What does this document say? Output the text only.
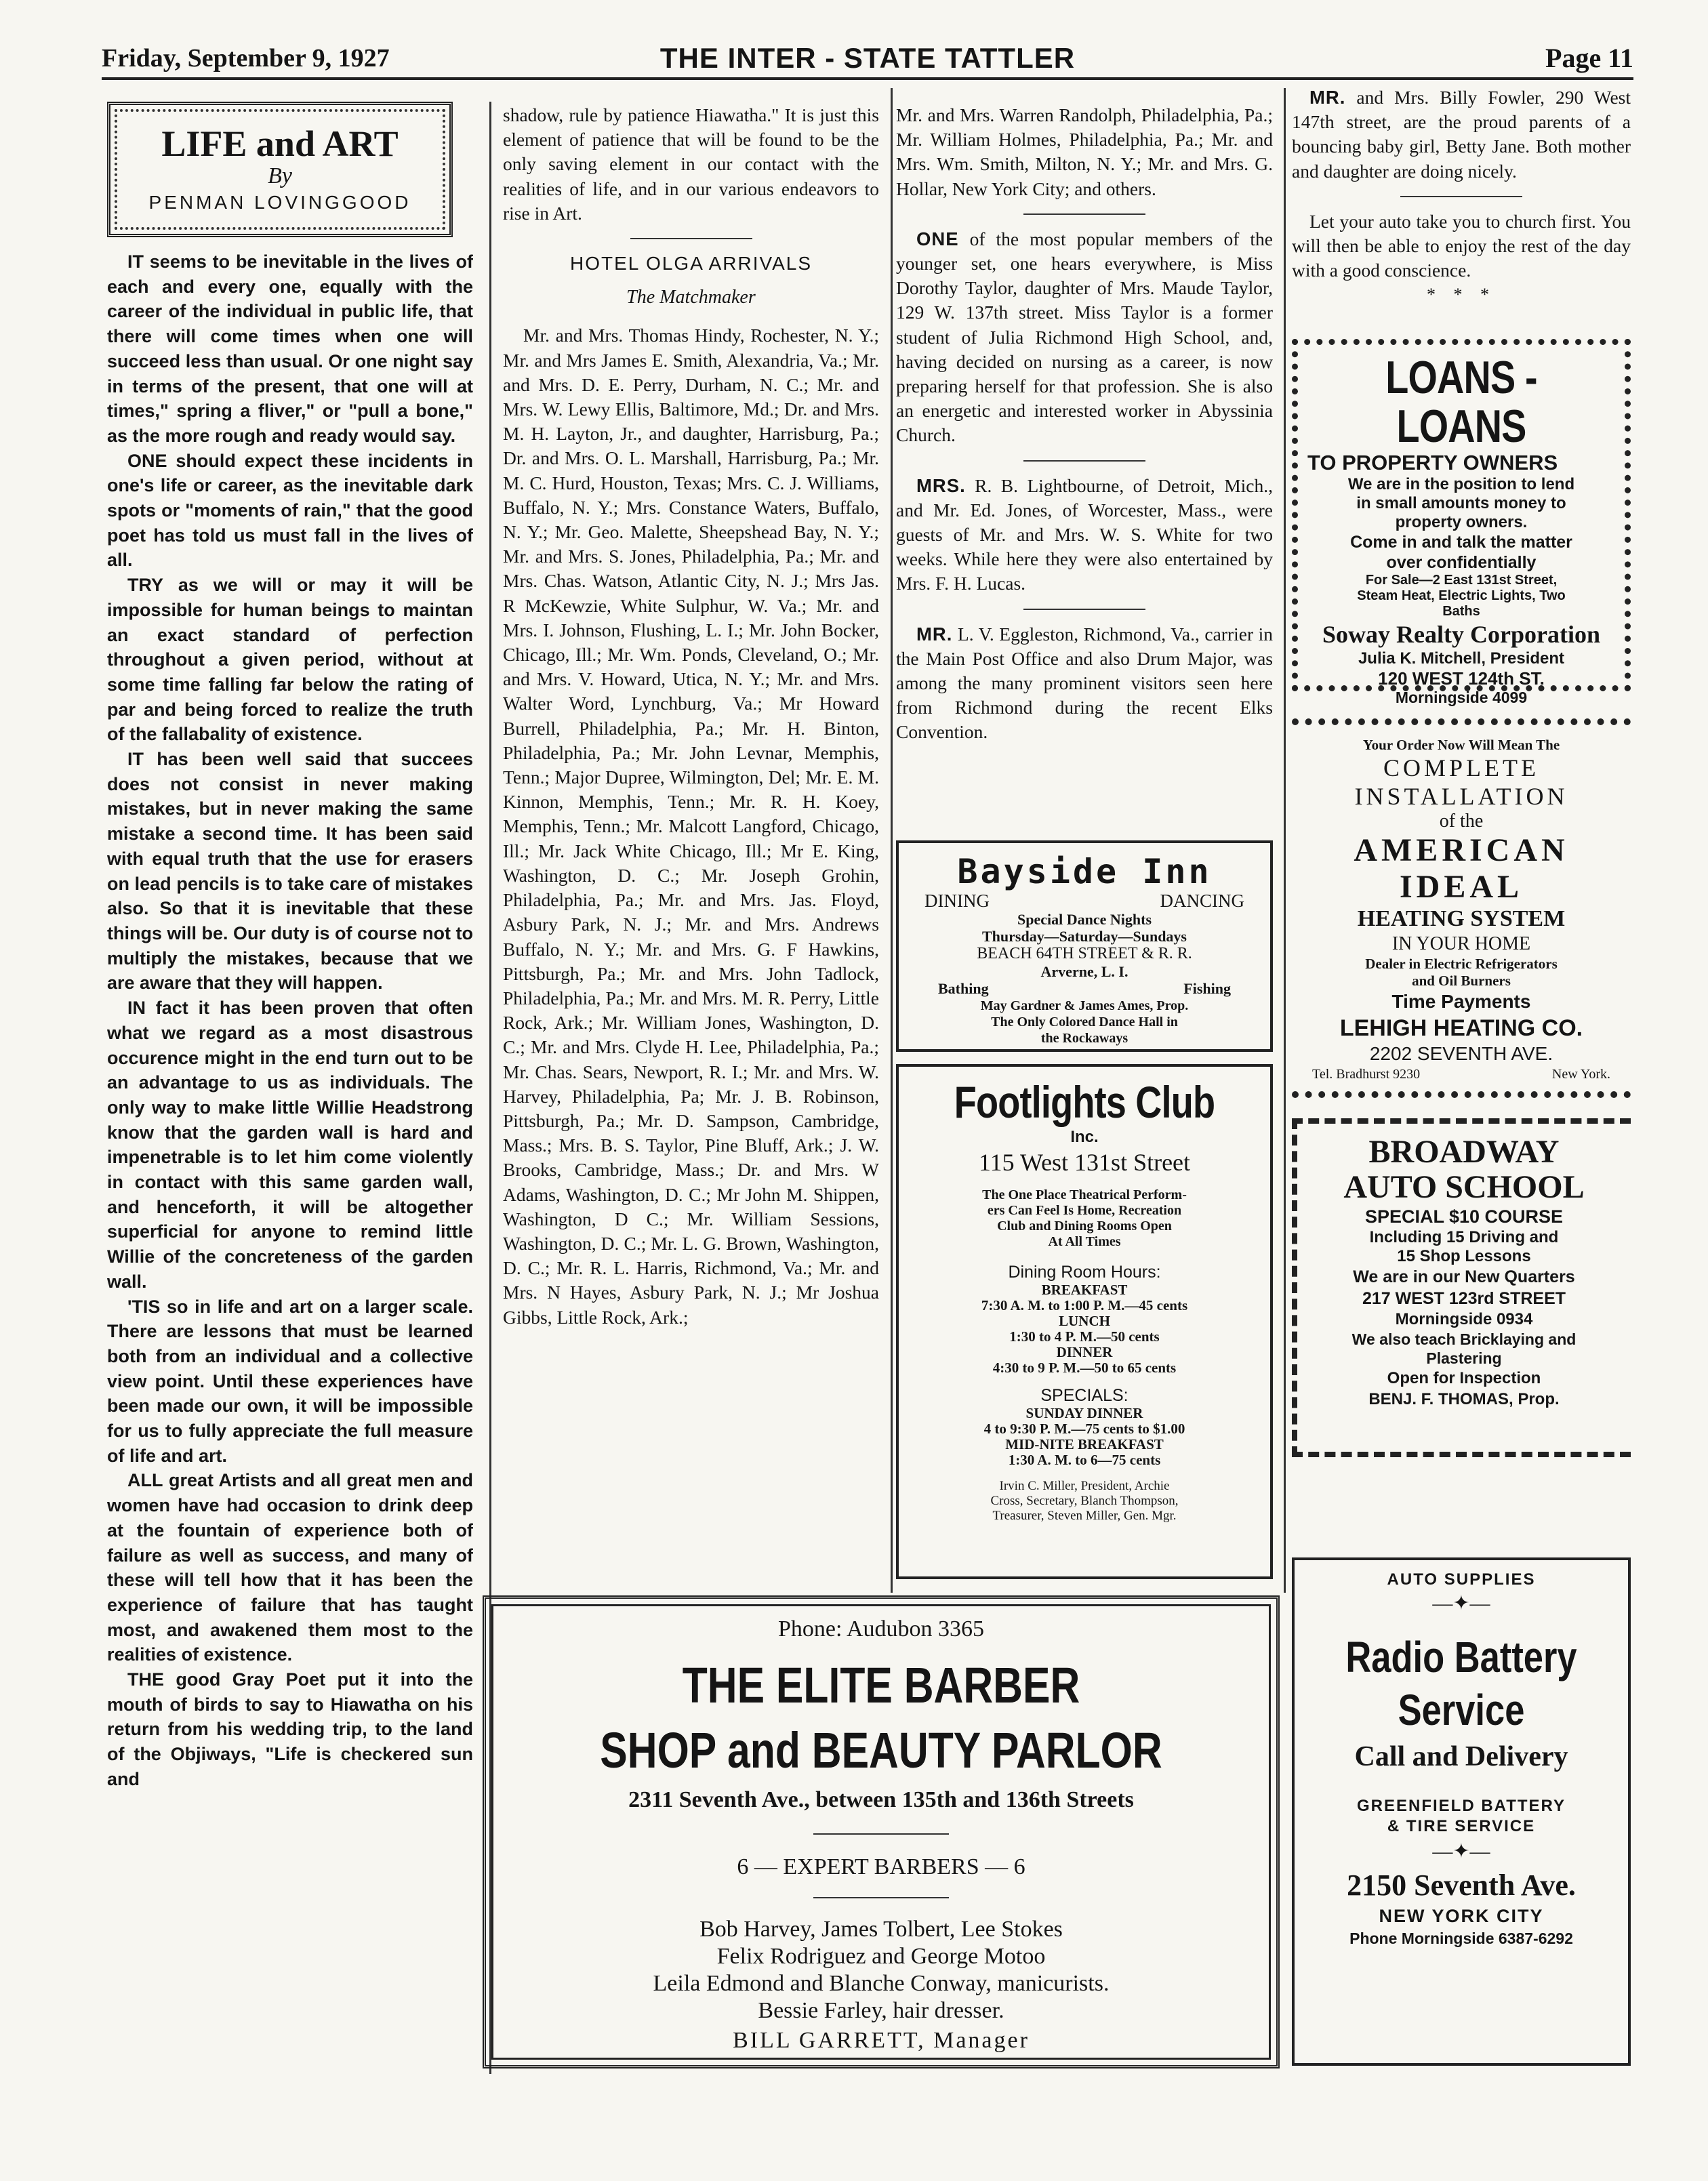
Friday, September 9, 1927	THE INTER - STATE TATTLER	Page 11
LIFE and ART
By
PENMAN LOVINGGOOD

IT seems to be inevitable in the lives of each and every one, equally with the career of the individual in public life, that there will come times when one will succeed less than usual. Or one night say in terms of the present, that one will at times," spring a fliver," or "pull a bone," as the more rough and ready would say.

ONE should expect these incidents in one's life or career, as the inevitable dark spots or "moments of rain," that the good poet has told us must fall in the lives of all.

TRY as we will or may it will be impossible for human beings to maintan an exact standard of perfection throughout a given period, without at some time falling far below the rating of par and being forced to realize the truth of the fallabality of existence.

IT has been well said that succees does not consist in never making mistakes, but in never making the same mistake a second time. It has been said with equal truth that the use for erasers on lead pencils is to take care of mistakes also. So that it is inevitable that these things will be. Our duty is of course not to multiply the mistakes, because that we are aware that they will happen.

IN fact it has been proven that often what we regard as a most disastrous occurence might in the end turn out to be an advantage to us as individuals. The only way to make little Willie Headstrong know that the garden wall is hard and impenetrable is to let him come violently in contact with this same garden wall, and henceforth, it will be altogether superficial for anyone to remind little Willie of the concreteness of the garden wall.

'TIS so in life and art on a larger scale. There are lessons that must be learned both from an individual and a collective view point. Until these experiences have been made our own, it will be impossible for us to fully appreciate the full measure of life and art.

ALL great Artists and all great men and women have had occasion to drink deep at the fountain of experience both of failure as well as success, and many of these will tell how that it has been the experience of failure that has taught most, and awakened them most to the realities of existence.

THE good Gray Poet put it into the mouth of birds to say to Hiawatha on his return from his wedding trip, to the land of the Objiways, "Life is checkered sun and

shadow, rule by patience Hiawatha." It is just this element of patience that will be found to be the only saving element in our contact with the realities of life, and in our various endeavors to rise in Art.

HOTEL OLGA ARRIVALS
The Matchmaker

Mr. and Mrs. Thomas Hindy, Rochester, N. Y.; Mr. and Mrs James E. Smith, Alexandria, Va.; Mr. and Mrs. D. E. Perry, Durham, N. C.; Mr. and Mrs. W. Lewy Ellis, Baltimore, Md.; Dr. and Mrs. M. H. Layton, Jr., and daughter, Harrisburg, Pa.; Dr. and Mrs. O. L. Marshall, Harrisburg, Pa.; Mr. M. C. Hurd, Houston, Texas; Mrs. C. J. Williams, Buffalo, N. Y.; Mrs. Constance Waters, Buffalo, N. Y.; Mr. Geo. Malette, Sheepshead Bay, N. Y.; Mr. and Mrs. S. Jones, Philadelphia, Pa.; Mr. and Mrs. Chas. Watson, Atlantic City, N. J.; Mrs Jas. R McKewzie, White Sulphur, W. Va.; Mr. and Mrs. I. Johnson, Flushing, L. I.; Mr. John Bocker, Chicago, Ill.; Mr. Wm. Ponds, Cleveland, O.; Mr. and Mrs. V. Howard, Utica, N. Y.; Mr. and Mrs. Walter Word, Lynchburg, Va.; Mr Howard Burrell, Philadelphia, Pa.; Mr. H. Binton, Philadelphia, Pa.; Mr. John Levnar, Memphis, Tenn.; Major Dupree, Wilmington, Del; Mr. E. M. Kinnon, Memphis, Tenn.; Mr. R. H. Koey, Memphis, Tenn.; Mr. Malcott Langford, Chicago, Ill.; Mr. Jack White Chicago, Ill.; Mr E. King, Washington, D. C.; Mr. Joseph Grohin, Philadelphia, Pa.; Mr. and Mrs. Jas. Floyd, Asbury Park, N. J.; Mr. and Mrs. Andrews Buffalo, N. Y.; Mr. and Mrs. G. F Hawkins, Pittsburgh, Pa.; Mr. and Mrs. John Tadlock, Philadelphia, Pa.; Mr. and Mrs. M. R. Perry, Little Rock, Ark.; Mr. William Jones, Washington, D. C.; Mr. and Mrs. Clyde H. Lee, Philadelphia, Pa.; Mr. Chas. Sears, Newport, R. I.; Mr. and Mrs. W. Harvey, Philadelphia, Pa; Mr. J. B. Robinson, Pittsburgh, Pa.; Mr. D. Sampson, Cambridge, Mass.; Mrs. B. S. Taylor, Pine Bluff, Ark.; J. W. Brooks, Cambridge, Mass.; Dr. and Mrs. W Adams, Washington, D. C.; Mr John M. Shippen, Washington, D C.; Mr. William Sessions, Washington, D. C.; Mr. L. G. Brown, Washington, D. C.; Mr. R. L. Harris, Richmond, Va.; Mr. and Mrs. N Hayes, Asbury Park, N. J.; Mr Joshua Gibbs, Little Rock, Ark.;

Mr. and Mrs. Warren Randolph, Philadelphia, Pa.; Mr. William Holmes, Philadelphia, Pa.; Mr. and Mrs. Wm. Smith, Milton, N. Y.; Mr. and Mrs. G. Hollar, New York City; and others.

ONE of the most popular members of the younger set, one hears everywhere, is Miss Dorothy Taylor, daughter of Mrs. Maude Taylor, 129 W. 137th street. Miss Taylor is a former student of Julia Richmond High School, and, having decided on nursing as a career, is now preparing herself for that profession. She is also an energetic and interested worker in Abyssinia Church.

MRS. R. B. Lightbourne, of Detroit, Mich., and Mr. Ed. Jones, of Worcester, Mass., were guests of Mr. and Mrs. W. S. White for two weeks. While here they were also entertained by Mrs. F. H. Lucas.

MR. L. V. Eggleston, Richmond, Va., carrier in the Main Post Office and also Drum Major, was among the many prominent visitors seen here from Richmond during the recent Elks Convention.

Bayside Inn
DINING	DANCING
Special Dance Nights
Thursday—Saturday—Sundays
BEACH 64TH STREET & R. R.
Arverne, L. I.
Bathing	Fishing
May Gardner & James Ames, Prop.
The Only Colored Dance Hall in
the Rockaways
Footlights Club
Inc.
115 West 131st Street
The One Place Theatrical Perform-
ers Can Feel Is Home, Recreation
Club and Dining Rooms Open
At All Times
Dining Room Hours:
BREAKFAST
7:30 A. M. to 1:00 P. M.—45 cents
LUNCH
1:30 to 4 P. M.—50 cents
DINNER
4:30 to 9 P. M.—50 to 65 cents
SPECIALS:
SUNDAY DINNER
4 to 9:30 P. M.—75 cents to $1.00
MID-NITE BREAKFAST
1:30 A. M. to 6—75 cents
Irvin C. Miller, President, Archie
Cross, Secretary, Blanch Thompson,
Treasurer, Steven Miller, Gen. Mgr.

MR. and Mrs. Billy Fowler, 290 West 147th street, are the proud parents of a bouncing baby girl, Betty Jane. Both mother and daughter are doing nicely.

Let your auto take you to church first. You will then be able to enjoy the rest of the day with a good conscience.

* * *
LOANS - LOANS
TO PROPERTY OWNERS
We are in the position to lend
in small amounts money to
property owners.
Come in and talk the matter
over confidentially
For Sale—2 East 131st Street,
Steam Heat, Electric Lights, Two
Baths
Soway Realty Corporation
Julia K. Mitchell, President
120 WEST 124th ST.
Morningside 4099
Your Order Now Will Mean The
COMPLETE
INSTALLATION
of the
AMERICAN
IDEAL
HEATING SYSTEM
IN YOUR HOME
Dealer in Electric Refrigerators
and Oil Burners
Time Payments
LEHIGH HEATING CO.
2202 SEVENTH AVE.
Tel. Bradhurst 9230	New York.
BROADWAY
AUTO SCHOOL
SPECIAL $10 COURSE
Including 15 Driving and
15 Shop Lessons
We are in our New Quarters
217 WEST 123rd STREET
Morningside 0934
We also teach Bricklaying and
Plastering
Open for Inspection
BENJ. F. THOMAS, Prop.
AUTO SUPPLIES
—✦—
Radio Battery
Service
Call and Delivery
GREENFIELD BATTERY
& TIRE SERVICE
—✦—
2150 Seventh Ave.
NEW YORK CITY
Phone Morningside 6387-6292
Phone: Audubon 3365
THE ELITE BARBER
SHOP and BEAUTY PARLOR
2311 Seventh Ave., between 135th and 136th Streets
6 — EXPERT BARBERS — 6
Bob Harvey, James Tolbert, Lee Stokes
Felix Rodriguez and George Motoo
Leila Edmond and Blanche Conway, manicurists.
Bessie Farley, hair dresser.
BILL GARRETT, Manager
